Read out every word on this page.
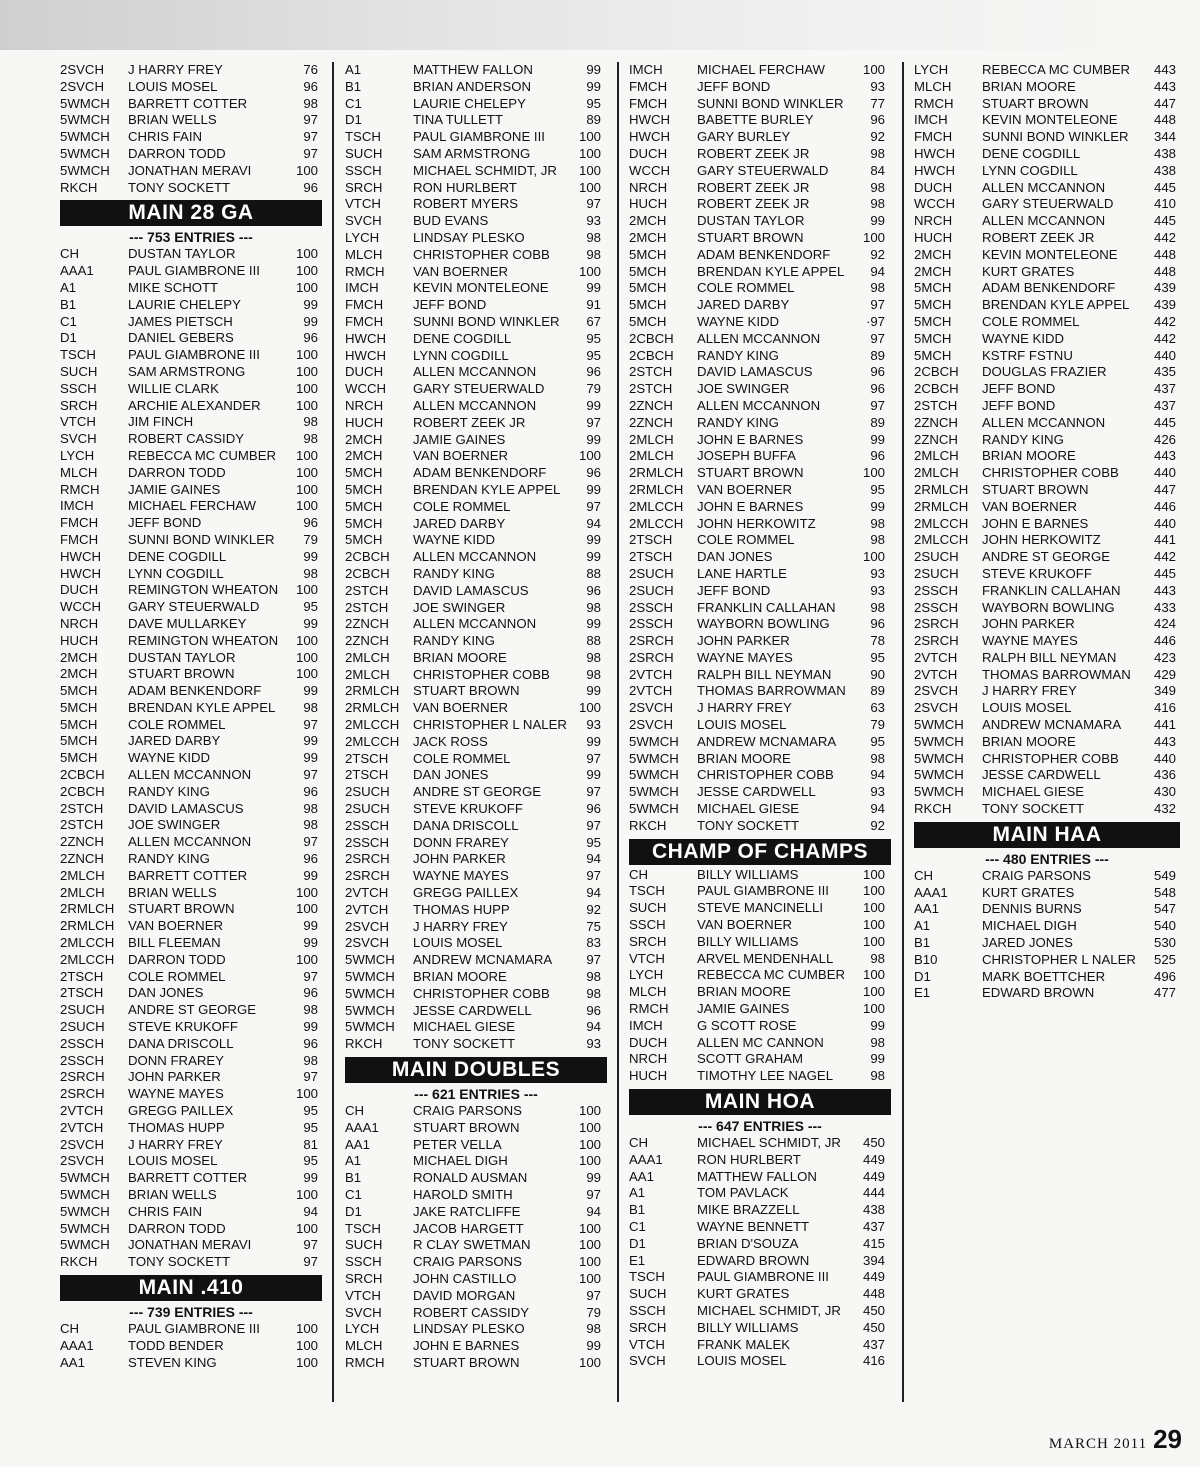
2SVCH J HARRY FREY	76
2SVCH LOUIS MOSEL	96
5WMCH BARRETT COTTER	98
5WMCH BRIAN WELLS	97
5WMCH CHRIS FAIN	97
5WMCH DARRON TODD	97
5WMCH JONATHAN MERAVI	100
RKCH TONY SOCKETT	96
MAIN 28 GA
--- 753 ENTRIES ---
CH	DUSTAN TAYLOR	100
AAA1	PAUL GIAMBRONE III	100
A1	MIKE SCHOTT	100
B1	LAURIE CHELEPY	99
C1	JAMES PIETSCH	99
D1	DANIEL GEBERS	96
TSCH PAUL GIAMBRONE III	100
SUCH SAM ARMSTRONG	100
SSCH WILLIE CLARK	100
SRCH ARCHIE ALEXANDER	100
VTCH JIM FINCH	98
SVCH ROBERT CASSIDY	98
LYCH	REBECCA MC CUMBER	100
MLCH DARRON TODD	100
RMCH JAMIE GAINES	100
IMCH	MICHAEL FERCHAW	100
FMCH JEFF BOND	96
FMCH SUNNI BOND WINKLER	79
HWCH DENE COGDILL	99
HWCH LYNN COGDILL	98
DUCH REMINGTON WHEATON	100
WCCH GARY STEUERWALD	95
NRCH DAVE MULLARKEY	99
HUCH REMINGTON WHEATON	100
2MCH DUSTAN TAYLOR	100
2MCH STUART BROWN	100
5MCH ADAM BENKENDORF	99
5MCH BRENDAN KYLE APPEL	98
5MCH COLE ROMMEL	97
5MCH JARED DARBY	99
5MCH WAYNE KIDD	99
2CBCH ALLEN MCCANNON	97
2CBCH RANDY KING	96
2STCH DAVID LAMASCUS	98
2STCH JOE SWINGER	98
2ZNCH ALLEN MCCANNON	97
2ZNCH RANDY KING	96
2MLCH BARRETT COTTER	99
2MLCH BRIAN WELLS	100
2RMLCH STUART BROWN	100
2RMLCH VAN BOERNER	99
2MLCCH BILL FLEEMAN	99
2MLCCH DARRON TODD	100
2TSCH COLE ROMMEL	97
2TSCH DAN JONES	96
2SUCH ANDRE ST GEORGE	98
2SUCH STEVE KRUKOFF	99
2SSCH DANA DRISCOLL	96
2SSCH DONN FRAREY	98
2SRCH JOHN PARKER	97
2SRCH WAYNE MAYES	100
2VTCH GREGG PAILLEX	95
2VTCH THOMAS HUPP	95
2SVCH J HARRY FREY	81
2SVCH LOUIS MOSEL	95
5WMCH BARRETT COTTER	99
5WMCH BRIAN WELLS	100
5WMCH CHRIS FAIN	94
5WMCH DARRON TODD	100
5WMCH JONATHAN MERAVI	97
RKCH TONY SOCKETT	97
MAIN .410
--- 739 ENTRIES ---
CH	PAUL GIAMBRONE III	100
AAA1	TODD BENDER	100
AA1	STEVEN KING	100
A1	MATTHEW FALLON	99
B1	BRIAN ANDERSON	99
C1	LAURIE CHELEPY	95
D1	TINA TULLETT	89
TSCH PAUL GIAMBRONE III	100
SUCH SAM ARMSTRONG	100
SSCH MICHAEL SCHMIDT, JR	100
SRCH RON HURLBERT	100
VTCH ROBERT MYERS	97
SVCH BUD EVANS	93
LYCH	LINDSAY PLESKO	98
MLCH CHRISTOPHER COBB	98
RMCH VAN BOERNER	100
IMCH	KEVIN MONTELEONE	99
FMCH JEFF BOND	91
FMCH SUNNI BOND WINKLER	67
HWCH DENE COGDILL	95
HWCH LYNN COGDILL	95
DUCH ALLEN MCCANNON	96
WCCH GARY STEUERWALD	79
NRCH ALLEN MCCANNON	99
HUCH ROBERT ZEEK JR	97
2MCH JAMIE GAINES	99
2MCH VAN BOERNER	100
5MCH ADAM BENKENDORF	96
5MCH BRENDAN KYLE APPEL	99
5MCH COLE ROMMEL	97
5MCH JARED DARBY	94
5MCH WAYNE KIDD	99
2CBCH ALLEN MCCANNON	99
2CBCH RANDY KING	88
2STCH DAVID LAMASCUS	96
2STCH JOE SWINGER	98
2ZNCH ALLEN MCCANNON	99
2ZNCH RANDY KING	88
2MLCH BRIAN MOORE	98
2MLCH CHRISTOPHER COBB	98
2RMLCH STUART BROWN	99
2RMLCH VAN BOERNER	100
2MLCCH CHRISTOPHER L NALER	93
2MLCCH JACK ROSS	99
2TSCH COLE ROMMEL	97
2TSCH DAN JONES	99
2SUCH ANDRE ST GEORGE	97
2SUCH STEVE KRUKOFF	96
2SSCH DANA DRISCOLL	97
2SSCH DONN FRAREY	95
2SRCH JOHN PARKER	94
2SRCH WAYNE MAYES	97
2VTCH GREGG PAILLEX	94
2VTCH THOMAS HUPP	92
2SVCH J HARRY FREY	75
2SVCH LOUIS MOSEL	83
5WMCH ANDREW MCNAMARA	97
5WMCH BRIAN MOORE	98
5WMCH CHRISTOPHER COBB	98
5WMCH JESSE CARDWELL	96
5WMCH MICHAEL GIESE	94
RKCH TONY SOCKETT	93
MAIN DOUBLES
--- 621 ENTRIES ---
CH	CRAIG PARSONS	100
AAA1	STUART BROWN	100
AA1	PETER VELLA	100
A1	MICHAEL DIGH	100
B1	RONALD AUSMAN	99
C1	HAROLD SMITH	97
D1	JAKE RATCLIFFE	94
TSCH JACOB HARGETT	100
SUCH R CLAY SWETMAN	100
SSCH CRAIG PARSONS	100
SRCH JOHN CASTILLO	100
VTCH DAVID MORGAN	97
SVCH ROBERT CASSIDY	79
LYCH	LINDSAY PLESKO	98
MLCH JOHN E BARNES	99
RMCH STUART BROWN	100
IMCH	MICHAEL FERCHAW	100
FMCH JEFF BOND	93
FMCH SUNNI BOND WINKLER	77
HWCH BABETTE BURLEY	96
HWCH GARY BURLEY	92
DUCH ROBERT ZEEK JR	98
WCCH GARY STEUERWALD	84
NRCH ROBERT ZEEK JR	98
HUCH ROBERT ZEEK JR	98
2MCH DUSTAN TAYLOR	99
2MCH STUART BROWN	100
5MCH ADAM BENKENDORF	92
5MCH BRENDAN KYLE APPEL	94
5MCH COLE ROMMEL	98
5MCH JARED DARBY	97
5MCH WAYNE KIDD	·97
2CBCH ALLEN MCCANNON	97
2CBCH RANDY KING	89
2STCH DAVID LAMASCUS	96
2STCH JOE SWINGER	96
2ZNCH ALLEN MCCANNON	97
2ZNCH RANDY KING	89
2MLCH JOHN E BARNES	99
2MLCH JOSEPH BUFFA	96
2RMLCH STUART BROWN	100
2RMLCH VAN BOERNER	95
2MLCCH JOHN E BARNES	99
2MLCCH JOHN HERKOWITZ	98
2TSCH COLE ROMMEL	98
2TSCH DAN JONES	100
2SUCH LANE HARTLE	93
2SUCH JEFF BOND	93
2SSCH FRANKLIN CALLAHAN	98
2SSCH WAYBORN BOWLING	96
2SRCH JOHN PARKER	78
2SRCH WAYNE MAYES	95
2VTCH RALPH BILL NEYMAN	90
2VTCH THOMAS BARROWMAN	89
2SVCH J HARRY FREY	63
2SVCH LOUIS MOSEL	79
5WMCH ANDREW MCNAMARA	95
5WMCH BRIAN MOORE	98
5WMCH CHRISTOPHER COBB	94
5WMCH JESSE CARDWELL	93
5WMCH MICHAEL GIESE	94
RKCH TONY SOCKETT	92
CHAMP OF CHAMPS
CH	BILLY WILLIAMS	100
TSCH PAUL GIAMBRONE III	100
SUCH STEVE MANCINELLI	100
SSCH VAN BOERNER	100
SRCH BILLY WILLIAMS	100
VTCH ARVEL MENDENHALL	98
LYCH	REBECCA MC CUMBER	100
MLCH BRIAN MOORE	100
RMCH JAMIE GAINES	100
IMCH	G SCOTT ROSE	99
DUCH ALLEN MC CANNON	98
NRCH SCOTT GRAHAM	99
HUCH TIMOTHY LEE NAGEL	98
MAIN HOA
--- 647 ENTRIES ---
CH	MICHAEL SCHMIDT, JR	450
AAA1	RON HURLBERT	449
AA1	MATTHEW FALLON	449
A1	TOM PAVLACK	444
B1	MIKE BRAZZELL	438
C1	WAYNE BENNETT	437
D1	BRIAN D'SOUZA	415
E1	EDWARD BROWN	394
TSCH PAUL GIAMBRONE III	449
SUCH KURT GRATES	448
SSCH MICHAEL SCHMIDT, JR	450
SRCH BILLY WILLIAMS	450
VTCH FRANK MALEK	437
SVCH LOUIS MOSEL	416
LYCH	REBECCA MC CUMBER	443
MLCH BRIAN MOORE	443
RMCH STUART BROWN	447
IMCH	KEVIN MONTELEONE	448
FMCH SUNNI BOND WINKLER	344
HWCH DENE COGDILL	438
HWCH LYNN COGDILL	438
DUCH ALLEN MCCANNON	445
WCCH GARY STEUERWALD	410
NRCH ALLEN MCCANNON	445
HUCH ROBERT ZEEK JR	442
2MCH KEVIN MONTELEONE	448
2MCH KURT GRATES	448
5MCH ADAM BENKENDORF	439
5MCH BRENDAN KYLE APPEL	439
5MCH COLE ROMMEL	442
5MCH WAYNE KIDD	442
5MCH KSTRF FSTNU	440
2CBCH DOUGLAS FRAZIER	435
2CBCH JEFF BOND	437
2STCH JEFF BOND	437
2ZNCH ALLEN MCCANNON	445
2ZNCH RANDY KING	426
2MLCH BRIAN MOORE	443
2MLCH CHRISTOPHER COBB	440
2RMLCH STUART BROWN	447
2RMLCH VAN BOERNER	446
2MLCCH JOHN E BARNES	440
2MLCCH JOHN HERKOWITZ	441
2SUCH ANDRE ST GEORGE	442
2SUCH STEVE KRUKOFF	445
2SSCH FRANKLIN CALLAHAN	443
2SSCH WAYBORN BOWLING	433
2SRCH JOHN PARKER	424
2SRCH WAYNE MAYES	446
2VTCH RALPH BILL NEYMAN	423
2VTCH THOMAS BARROWMAN	429
2SVCH J HARRY FREY	349
2SVCH LOUIS MOSEL	416
5WMCH ANDREW MCNAMARA	441
5WMCH BRIAN MOORE	443
5WMCH CHRISTOPHER COBB	440
5WMCH JESSE CARDWELL	436
5WMCH MICHAEL GIESE	430
RKCH TONY SOCKETT	432
MAIN HAA
--- 480 ENTRIES ---
CH	CRAIG PARSONS	549
AAA1	KURT GRATES	548
AA1	DENNIS BURNS	547
A1	MICHAEL DIGH	540
B1	JARED JONES	530
B10	CHRISTOPHER L NALER	525
D1	MARK BOETTCHER	496
E1	EDWARD BROWN	477
MARCH 2011 29
